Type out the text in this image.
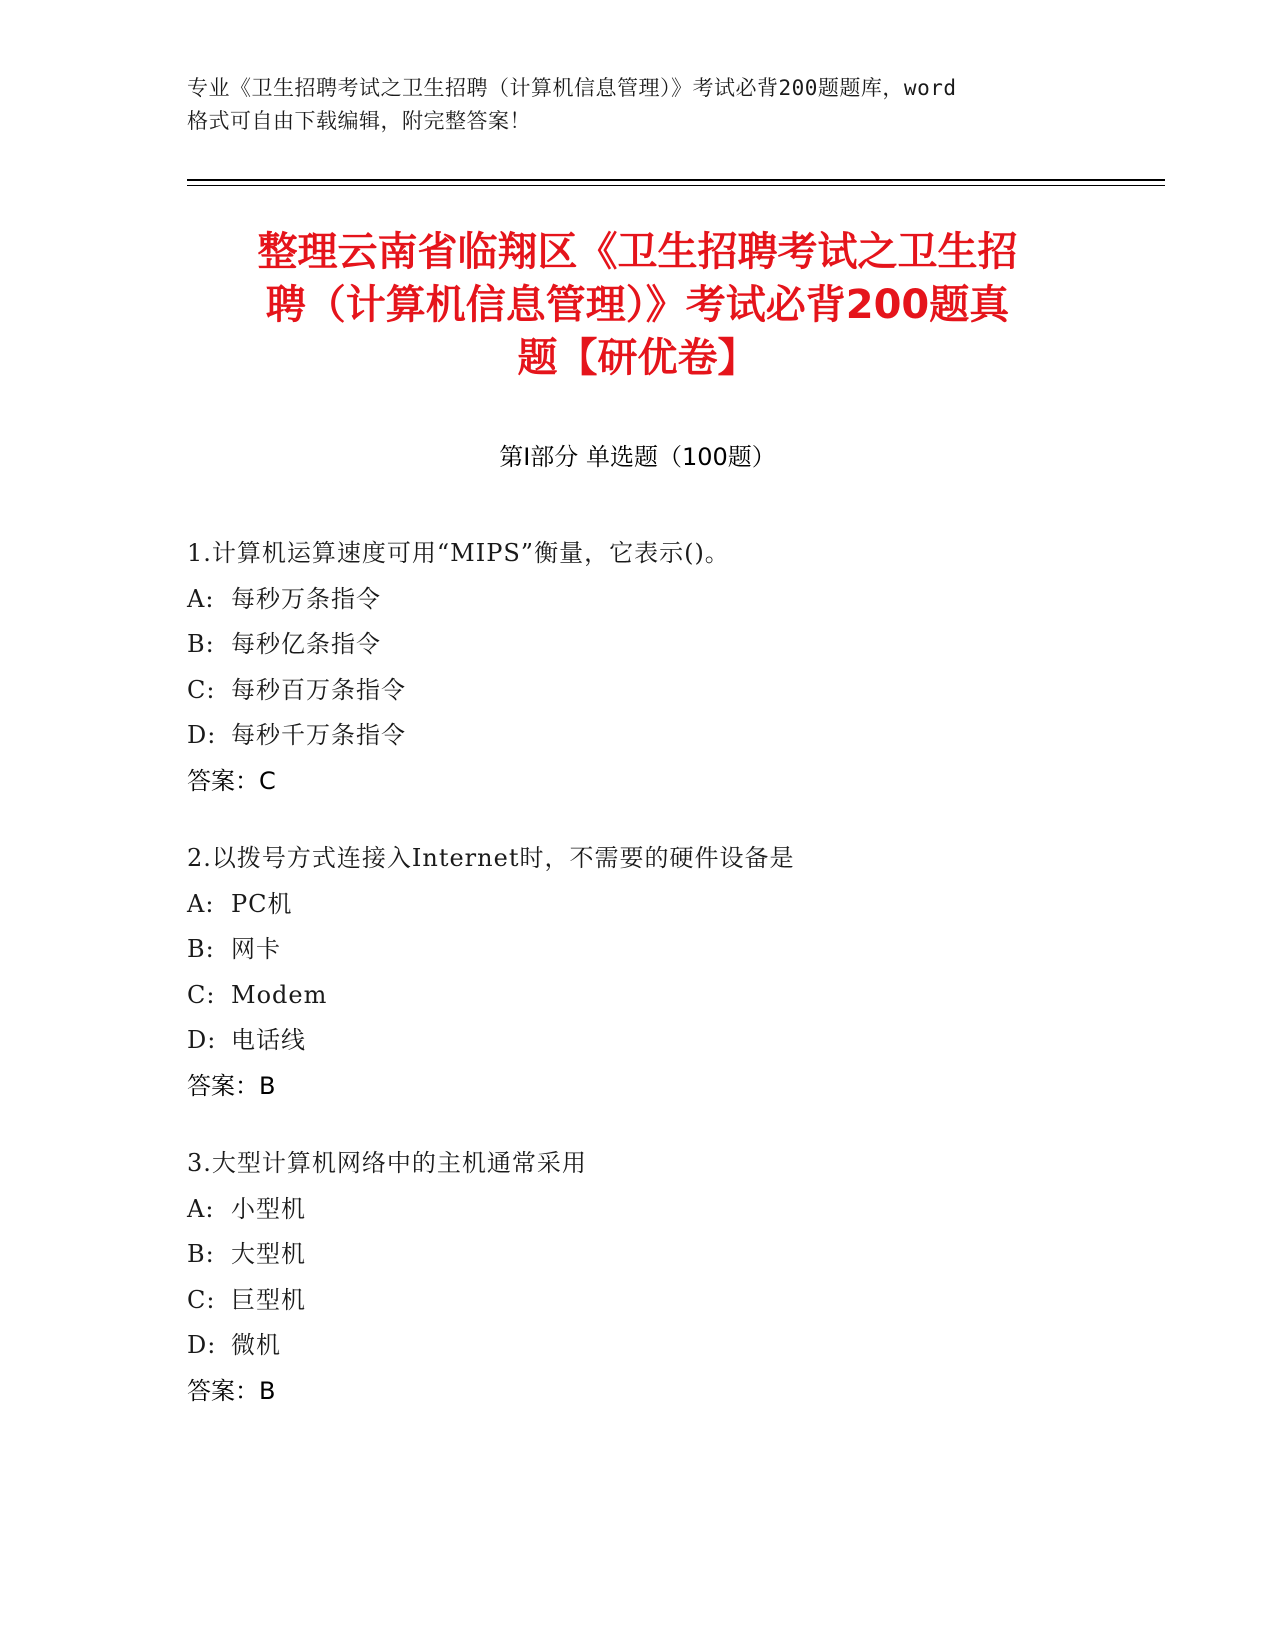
专业《卫生招聘考试之卫生招聘（计算机信息管理）》考试必背200题题库，word
格式可自由下载编辑，附完整答案！
整理云南省临翔区《卫生招聘考试之卫生招
聘（计算机信息管理）》考试必背200题真
题【研优卷】
第Ⅰ部分 单选题（100题）
1.计算机运算速度可用“MIPS”衡量，它表示()。
A: 每秒万条指令
B: 每秒亿条指令
C: 每秒百万条指令
D: 每秒千万条指令
答案：C
2.以拨号方式连接入Internet时，不需要的硬件设备是
A: PC机
B: 网卡
C: Modem
D: 电话线
答案：B
3.大型计算机网络中的主机通常采用
A: 小型机
B: 大型机
C: 巨型机
D: 微机
答案：B
